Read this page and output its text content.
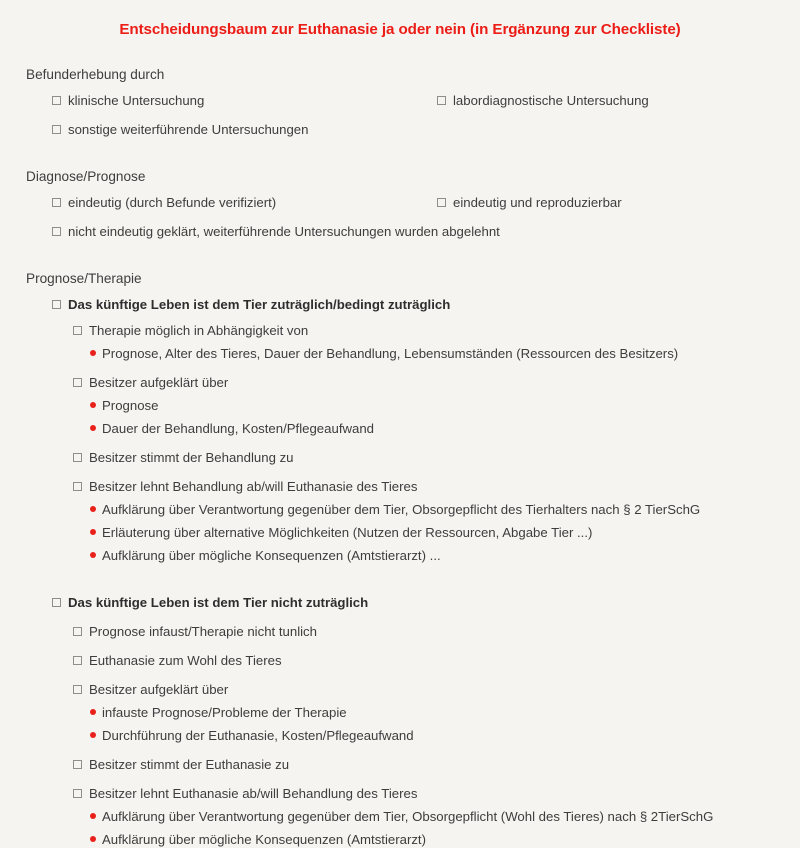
Entscheidungsbaum zur Euthanasie ja oder nein (in Ergänzung zur Checkliste)
Befunderhebung durch
klinische Untersuchung	labordiagnostische Untersuchung
sonstige weiterführende Untersuchungen
Diagnose/Prognose
eindeutig (durch Befunde verifiziert)	eindeutig und reproduzierbar
nicht eindeutig geklärt, weiterführende Untersuchungen wurden abgelehnt
Prognose/Therapie
Das künftige Leben ist dem Tier zuträglich/bedingt zuträglich
Therapie möglich in Abhängigkeit von
Prognose, Alter des Tieres, Dauer der Behandlung, Lebensumständen (Ressourcen des Besitzers)
Besitzer aufgeklärt über
Prognose
Dauer der Behandlung, Kosten/Pflegeaufwand
Besitzer stimmt der Behandlung zu
Besitzer lehnt Behandlung ab/will Euthanasie des Tieres
Aufklärung über Verantwortung gegenüber dem Tier, Obsorgepflicht des Tierhalters nach § 2 TierSchG
Erläuterung über alternative Möglichkeiten (Nutzen der Ressourcen, Abgabe Tier ...)
Aufklärung über mögliche Konsequenzen (Amtstierarzt) ...
Das künftige Leben ist dem Tier nicht zuträglich
Prognose infaust/Therapie nicht tunlich
Euthanasie zum Wohl des Tieres
Besitzer aufgeklärt über
infauste Prognose/Probleme der Therapie
Durchführung der Euthanasie, Kosten/Pflegeaufwand
Besitzer stimmt der Euthanasie zu
Besitzer lehnt Euthanasie ab/will Behandlung des Tieres
Aufklärung über Verantwortung gegenüber dem Tier, Obsorgepflicht (Wohl des Tieres) nach § 2TierSchG
Aufklärung über mögliche Konsequenzen (Amtstierarzt)
